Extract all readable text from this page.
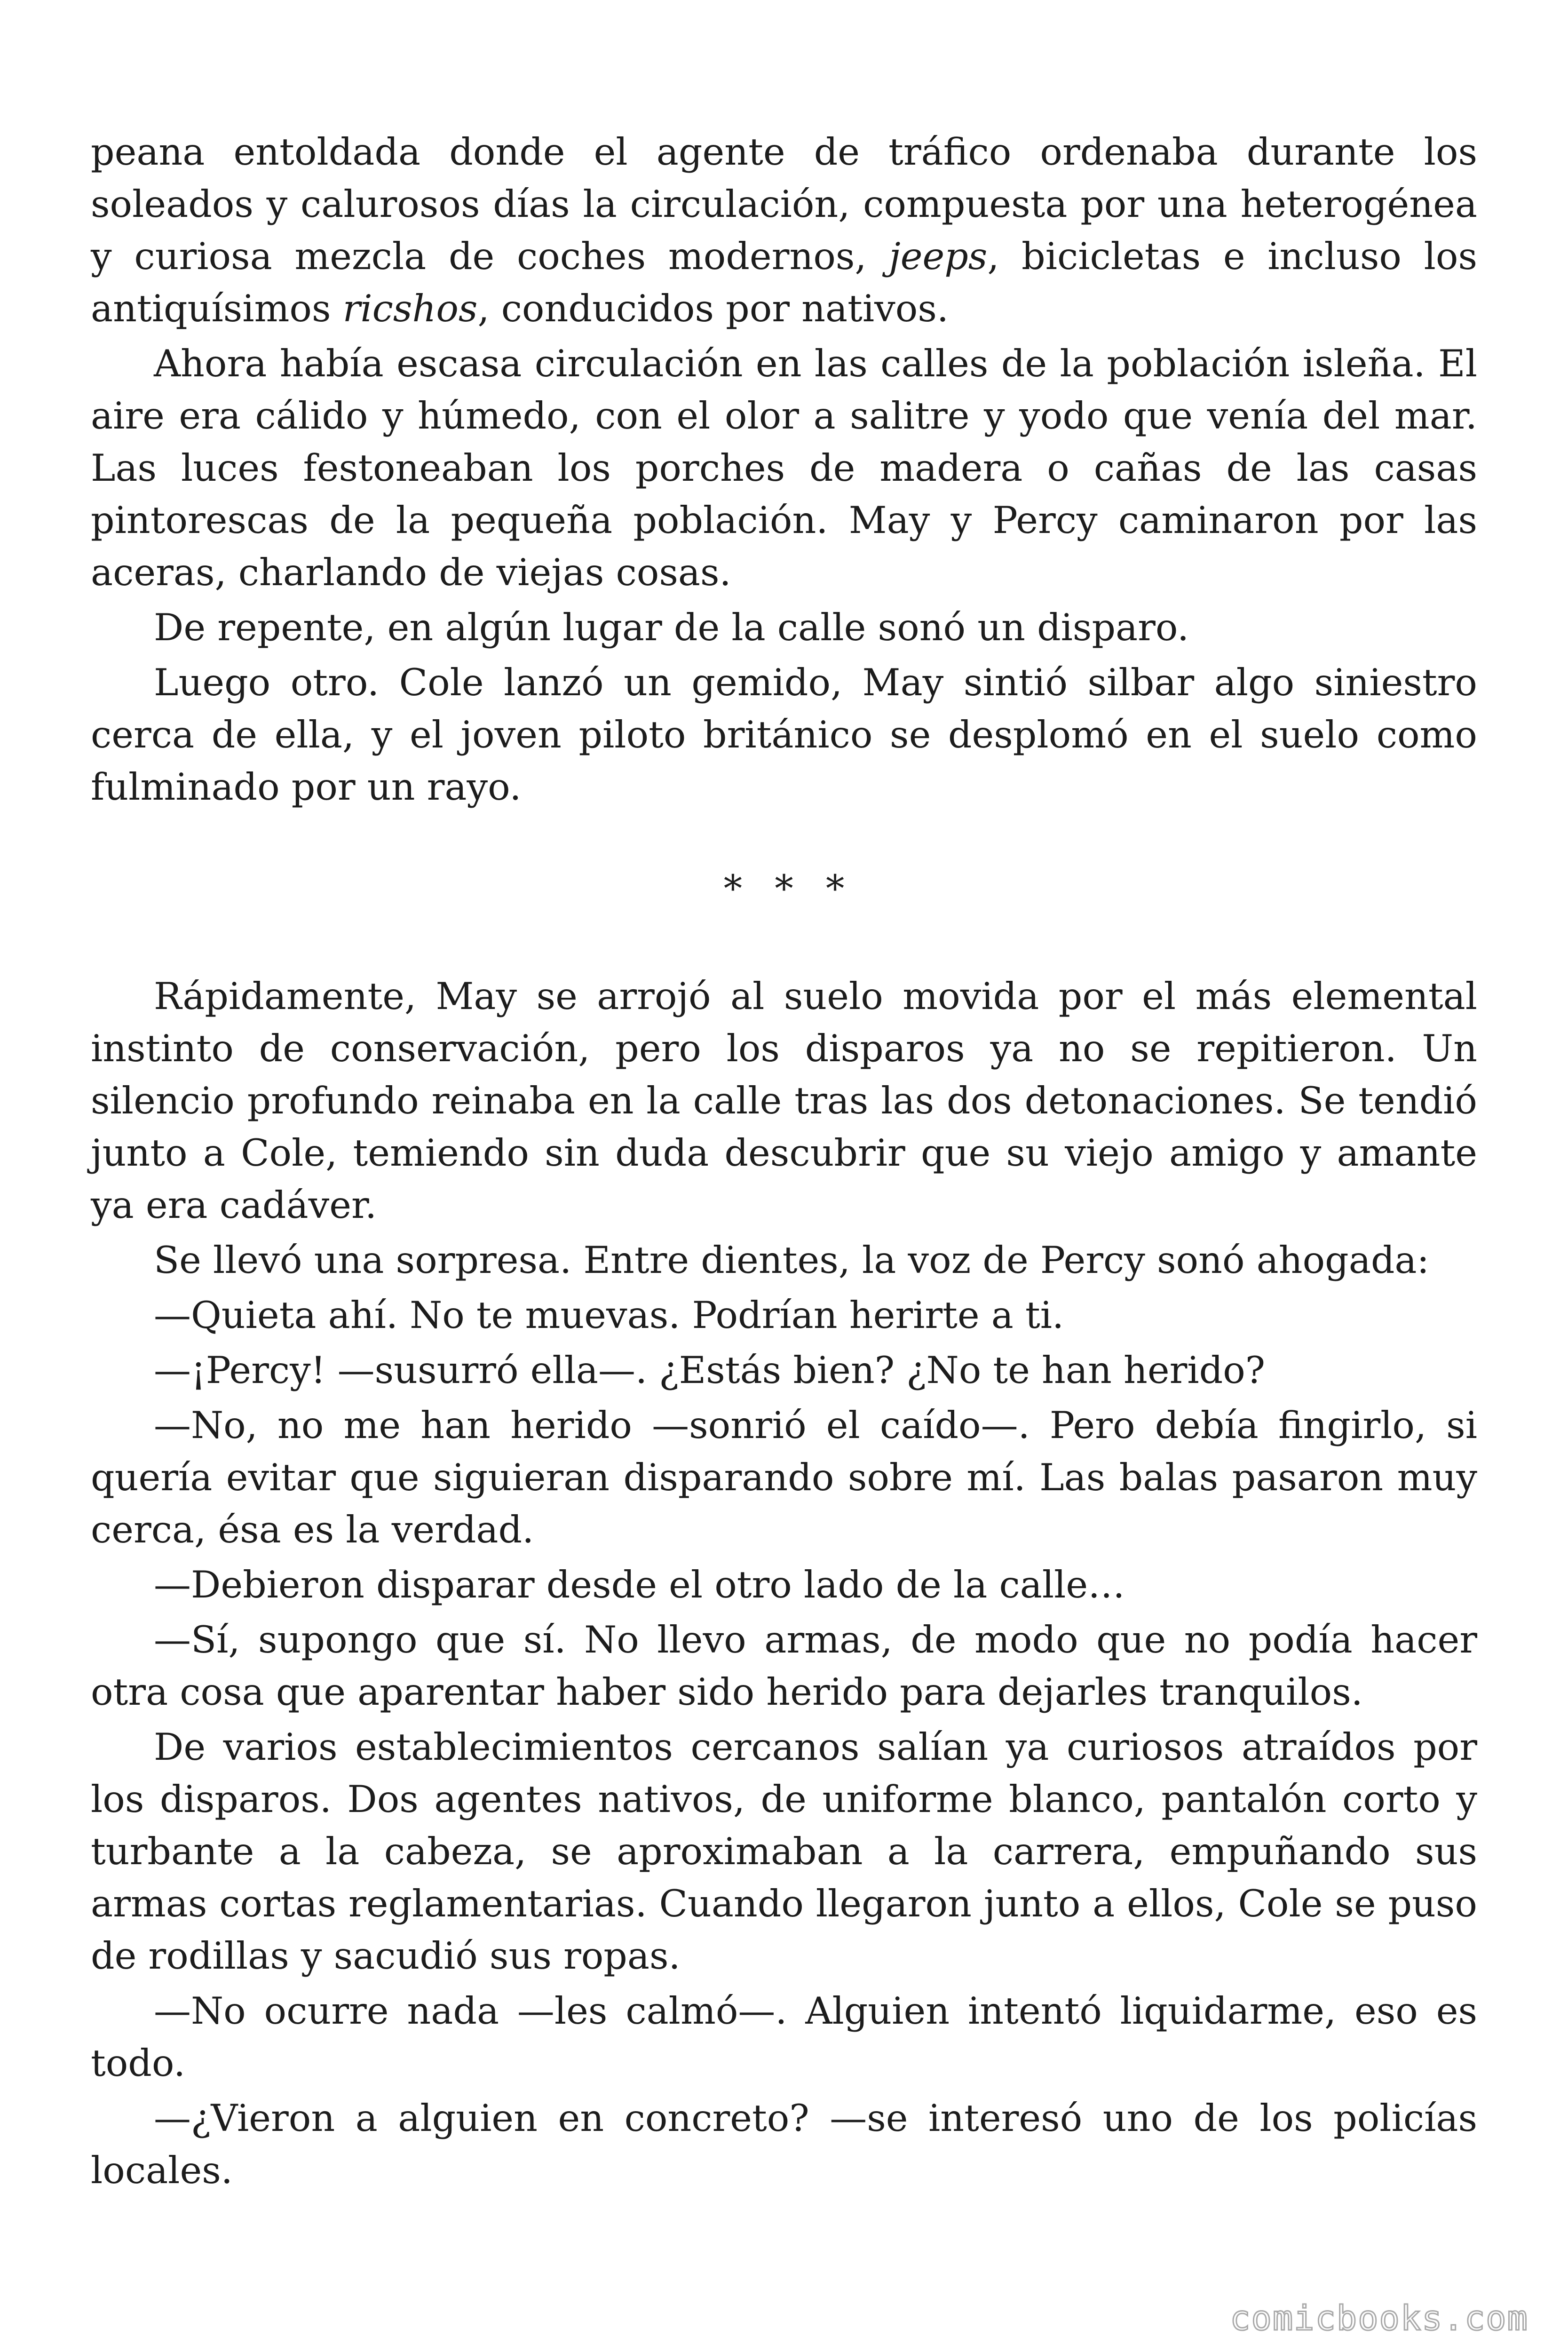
peana entoldada donde el agente de tráfico ordenaba durante los soleados y calurosos días la circulación, compuesta por una heterogénea y curiosa mezcla de coches modernos, jeeps, bicicletas e incluso los antiquísimos ricshos, conducidos por nativos.

Ahora había escasa circulación en las calles de la población isleña. El aire era cálido y húmedo, con el olor a salitre y yodo que venía del mar. Las luces festoneaban los porches de madera o cañas de las casas pintorescas de la pequeña población. May y Percy caminaron por las aceras, charlando de viejas cosas.

De repente, en algún lugar de la calle sonó un disparo.

Luego otro. Cole lanzó un gemido, May sintió silbar algo siniestro cerca de ella, y el joven piloto británico se desplomó en el suelo como fulminado por un rayo.

* * *

Rápidamente, May se arrojó al suelo movida por el más elemental instinto de conservación, pero los disparos ya no se repitieron. Un silencio profundo reinaba en la calle tras las dos detonaciones. Se tendió junto a Cole, temiendo sin duda descubrir que su viejo amigo y amante ya era cadáver.

Se llevó una sorpresa. Entre dientes, la voz de Percy sonó ahogada:

—Quieta ahí. No te muevas. Podrían herirte a ti.

—¡Percy! —susurró ella—. ¿Estás bien? ¿No te han herido?

—No, no me han herido —sonrió el caído—. Pero debía fingirlo, si quería evitar que siguieran disparando sobre mí. Las balas pasaron muy cerca, ésa es la verdad.

—Debieron disparar desde el otro lado de la calle…

—Sí, supongo que sí. No llevo armas, de modo que no podía hacer otra cosa que aparentar haber sido herido para dejarles tranquilos.

De varios establecimientos cercanos salían ya curiosos atraídos por los disparos. Dos agentes nativos, de uniforme blanco, pantalón corto y turbante a la cabeza, se aproximaban a la carrera, empuñando sus armas cortas reglamentarias. Cuando llegaron junto a ellos, Cole se puso de rodillas y sacudió sus ropas.

—No ocurre nada —les calmó—. Alguien intentó liquidarme, eso es todo.

—¿Vieron a alguien en concreto? —se interesó uno de los policías locales.

comicbooks.com
